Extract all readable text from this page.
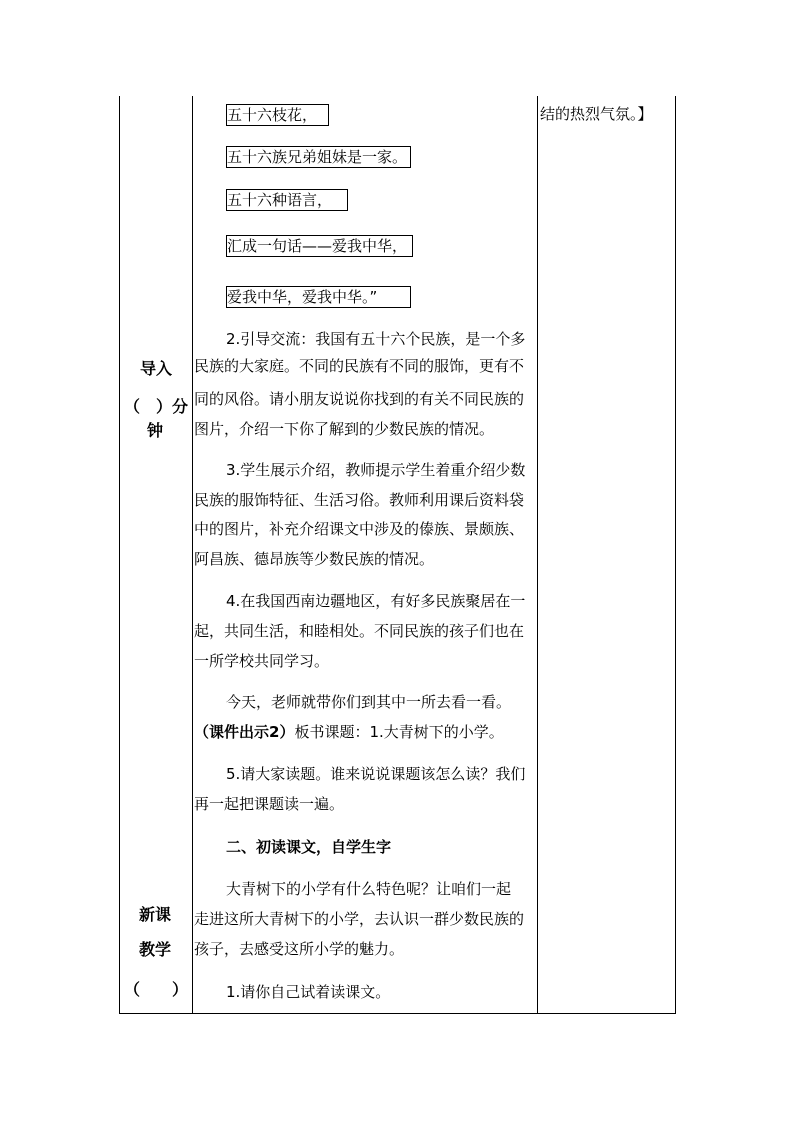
导入
（　）分
钟
新课
教学
（　　）
结的热烈气氛。】
五十六枝花，
五十六族兄弟姐妹是一家。
五十六种语言，
汇成一句话——爱我中华，
爱我中华，爱我中华。”
2.引导交流：我国有五十六个民族，是一个多
民族的大家庭。不同的民族有不同的服饰，更有不
同的风俗。请小朋友说说你找到的有关不同民族的
图片，介绍一下你了解到的少数民族的情况。
3.学生展示介绍，教师提示学生着重介绍少数
民族的服饰特征、生活习俗。教师利用课后资料袋
中的图片，补充介绍课文中涉及的傣族、景颇族、
阿昌族、德昂族等少数民族的情况。
4.在我国西南边疆地区，有好多民族聚居在一
起，共同生活，和睦相处。不同民族的孩子们也在
一所学校共同学习。
今天，老师就带你们到其中一所去看一看。
（课件出示2）板书课题：1.大青树下的小学。
5.请大家读题。谁来说说课题该怎么读？我们
再一起把课题读一遍。
二、初读课文，自学生字
大青树下的小学有什么特色呢？让咱们一起
走进这所大青树下的小学，去认识一群少数民族的
孩子，去感受这所小学的魅力。
1.请你自己试着读课文。
